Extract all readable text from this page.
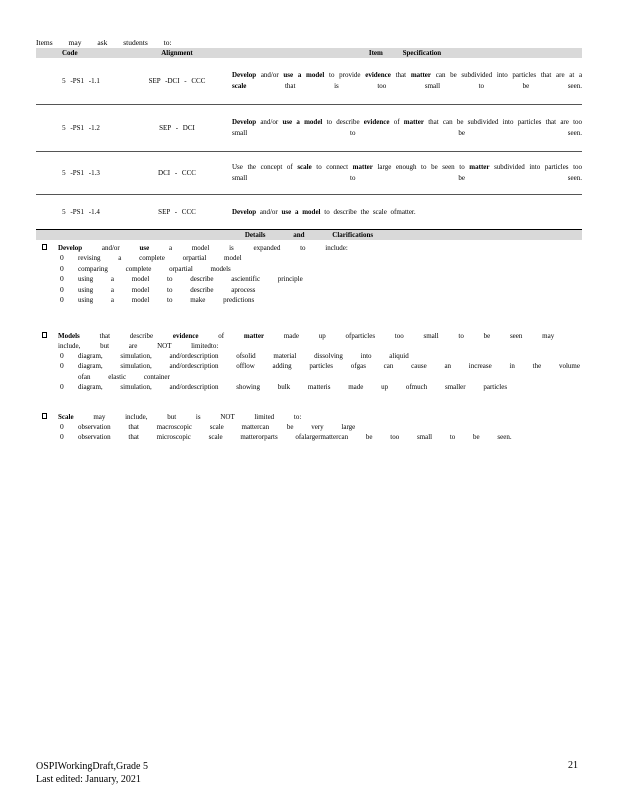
Items may ask students to:
Code	Alignment	Item Specification
5 -PS1 -1.1	SEP -DCI - CCC	Develop and/or use a model to provide evidence that matter can be subdivided into particles that are at a scale that is too small to be seen.
5 -PS1 -1.2	SEP - DCI	Develop and/or use a model to describe evidence of matter that can be subdivided into particles that are too small to be seen.
5 -PS1 -1.3	DCI - CCC	Use the concept of scale to connect matter large enough to be seen to matter subdivided into particles too small to be seen.
5 -PS1 -1.4	SEP - CCC	Develop and/or use a model to describe the scale ofmatter.
Details and Clarifications
Develop	and/or	use	a model is expanded to include:
0 revising a complete orpartial model
0 comparing complete orpartial models
0 using a model to describe ascientific principle
0 using a model to describe aprocess
0 using a model to make predictions
Models	that describe	evidence	of	matter	made up ofparticles too small to be seen may include, but are NOT limitedto:
0 diagram, simulation, and/ordescription ofsolid material dissolving into aliquid
0 diagram, simulation, and/ordescription offlow adding particles ofgas can cause an increase in the volume ofan elastic container
0 diagram, simulation, and/ordescription showing bulk matteris made up ofmuch smaller particles
Scale	may include, but is NOT limited to:
0 observation that macroscopic scale mattercan be very large
0 observation that microscopic scale matterorparts ofalargermattercan be too small to be seen.
OSPIWorkingDraft,Grade 5
Last edited: January, 2021
21
